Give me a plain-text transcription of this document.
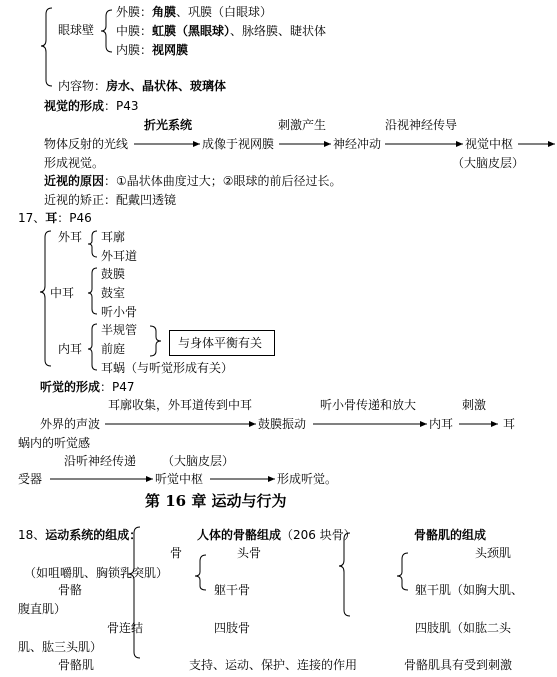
眼球壁
外膜：角膜、巩膜（白眼球）
中膜：虹膜（黑眼球）、脉络膜、睫状体
内膜：视网膜
内容物：房水、晶状体、玻璃体
视觉的形成：P43
折光系统	刺激产生	沿视神经传导
物体反射的光线	成像于视网膜	神经冲动	视觉中枢
形成视觉。	（大脑皮层）
近视的原因：①晶状体曲度过大；②眼球的前后径过长。
近视的矫正：配戴凹透镜
17、耳：P46
外耳 耳廓
外耳道
鼓膜
中耳 鼓室
听小骨
半规管
内耳 前庭
耳蜗（与听觉形成有关）
与身体平衡有关
听觉的形成：P47
耳廓收集，外耳道传到中耳	听小骨传递和放大	刺激
外界的声波	鼓膜振动	内耳	耳
蜗内的听觉感
沿听神经传递 （大脑皮层）
受器	听觉中枢	形成听觉。
第 16 章 运动与行为
18、运动系统的组成：	人体的骨骼组成（206 块骨）	骨骼肌的组成
骨	头骨	头颈肌
（如咀嚼肌、胸锁乳突肌）
骨骼	躯干骨	躯干肌（如胸大肌、
腹直肌）
骨连结	四肢骨	四肢肌（如肱二头
肌、肱三头肌）
骨骼肌	支持、运动、保护、连接的作用	骨骼肌具有受到刺激
